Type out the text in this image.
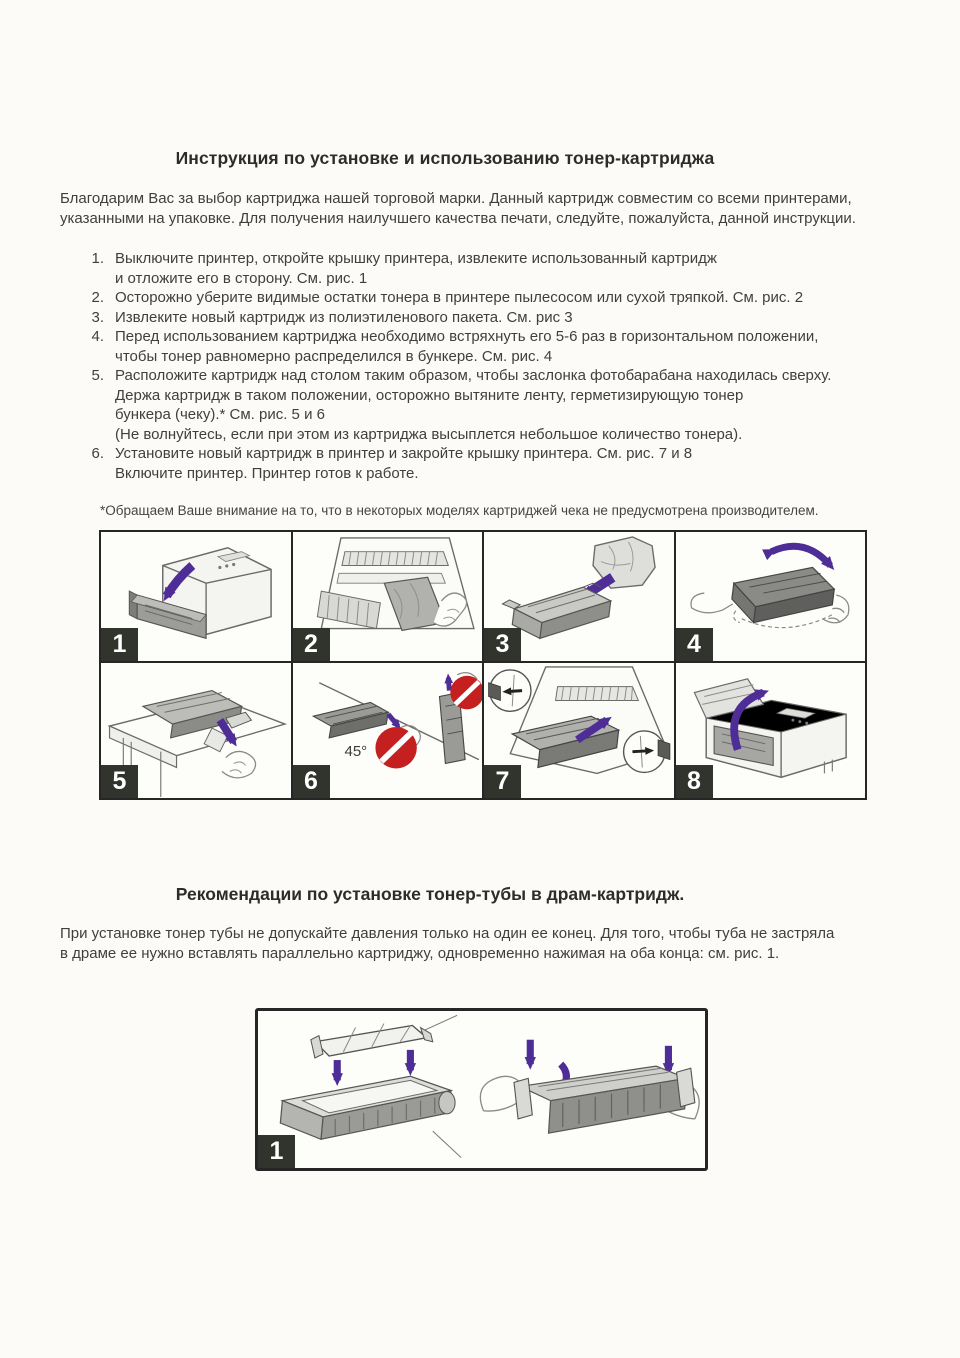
Инструкция по установке и использованию тонер-картриджа
Благодарим Вас за выбор картриджа нашей торговой марки. Данный картридж совместим со всеми принтерами,
указанными на упаковке. Для получения наилучшего качества печати, следуйте, пожалуйста, данной инструкции.
1. Выключите принтер, откройте крышку принтера, извлеките использованный картридж
и отложите его в сторону. См. рис. 1
2. Осторожно уберите видимые остатки тонера в принтере пылесосом или сухой тряпкой. См. рис. 2
3. Извлеките новый картридж из полиэтиленового пакета. См. рис 3
4. Перед использованием картриджа необходимо встряхнуть его 5-6 раз в горизонтальном положении,
чтобы тонер равномерно распределился в бункере. См. рис. 4
5. Расположите картридж над столом таким образом, чтобы заслонка фотобарабана находилась сверху.
Держа картридж в таком положении, осторожно вытяните ленту, герметизирующую тонер
бункера (чеку).* См. рис. 5 и 6
(Не волнуйтесь, если при этом из картриджа высыплется небольшое количество тонера).
6. Установите новый картридж в принтер и закройте крышку принтера. См. рис. 7 и 8
Включите принтер. Принтер готов к работе.
*Обращаем Ваше внимание на то, что в некоторых моделях картриджей чека не предусмотрена производителем.
1	2	3	4
5
45°
6	7	8
Рекомендации по установке тонер-тубы в драм-картридж.
При установке тонер тубы не допускайте давления только на один ее конец. Для того, чтобы туба не застряла
в драме ее нужно вставлять параллельно картриджу, одновременно нажимая на оба конца: см. рис. 1.
1
